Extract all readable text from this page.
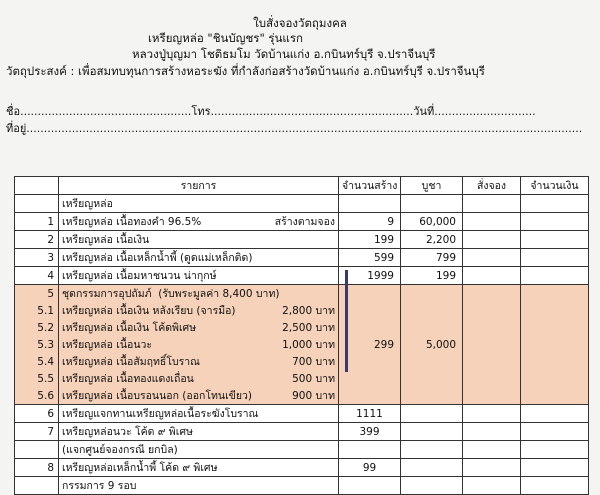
ใบสั่งจองวัตถุมงคล
เหรียญหล่อ "ชินบัญชร" รุ่นแรก
หลวงปู่บุญมา โชติธมโม วัดบ้านแก่ง อ.กบินทร์บุรี จ.ปราจีนบุรี
วัตถุประสงค์ : เพื่อสมทบทุนการสร้างหอระฆัง ที่กำลังก่อสร้างวัดบ้านแก่ง อ.กบินทร์บุรี จ.ปราจีนบุรี
ชื่อ.................................................โทร..........................................................วันที่.............................
ที่อยู่...............................................................................................................................................................
	รายการ	จำนวนสร้าง	บูชา	สั่งจอง	จำนวนเงิน
	เหรียญหล่อ				
1	เหรียญหล่อ เนื้อทองคำ 96.5% สร้างตามจอง	9	60,000		
2	เหรียญหล่อ เนื้อเงิน	199	2,200		
3	เหรียญหล่อ เนื้อเหล็กน้ำพี้ (ดูดแม่เหล็กติด)	599	799		
4	เหรียญหล่อ เนื้อมหาชนวน น่ากุกษ์	1999	199		
5	ชุดกรรมการอุปถัมภ์ (รับพระมูลค่า 8,400 บาท)				
5.1	เหรียญหล่อ เนื้อเงิน หลังเรียบ (จารมือ) 2,800 บาท				

5.2	เหรียญหล่อ เนื้อเงิน โค้ดพิเศษ 2,500 บาท				

5.3	เหรียญหล่อ เนื้อนวะ 1,000 บาท	299	5,000		
5.4	เหรียญหล่อ เนื้อสัมฤทธิ์โบราณ 700 บาท				

5.5	เหรียญหล่อ เนื้อทองแดงเถื่อน 500 บาท				

5.6	เหรียญหล่อ เนื้อบรอนนอก (ออกโทนเขียว) 900 บาท				

6	เหรียญแจกทานเหรียญหล่อเนื้อระฆังโบราณ	1111			
7	เหรียญหล่อนวะ โค้ด ๙ พิเศษ	399			
	(แจกศูนย์จองกรณี ยกบิล)				
8	เหรียญหล่อเหล็กน้ำพี้ โค้ด ๙ พิเศษ	99			
	กรรมการ 9 รอบ				
